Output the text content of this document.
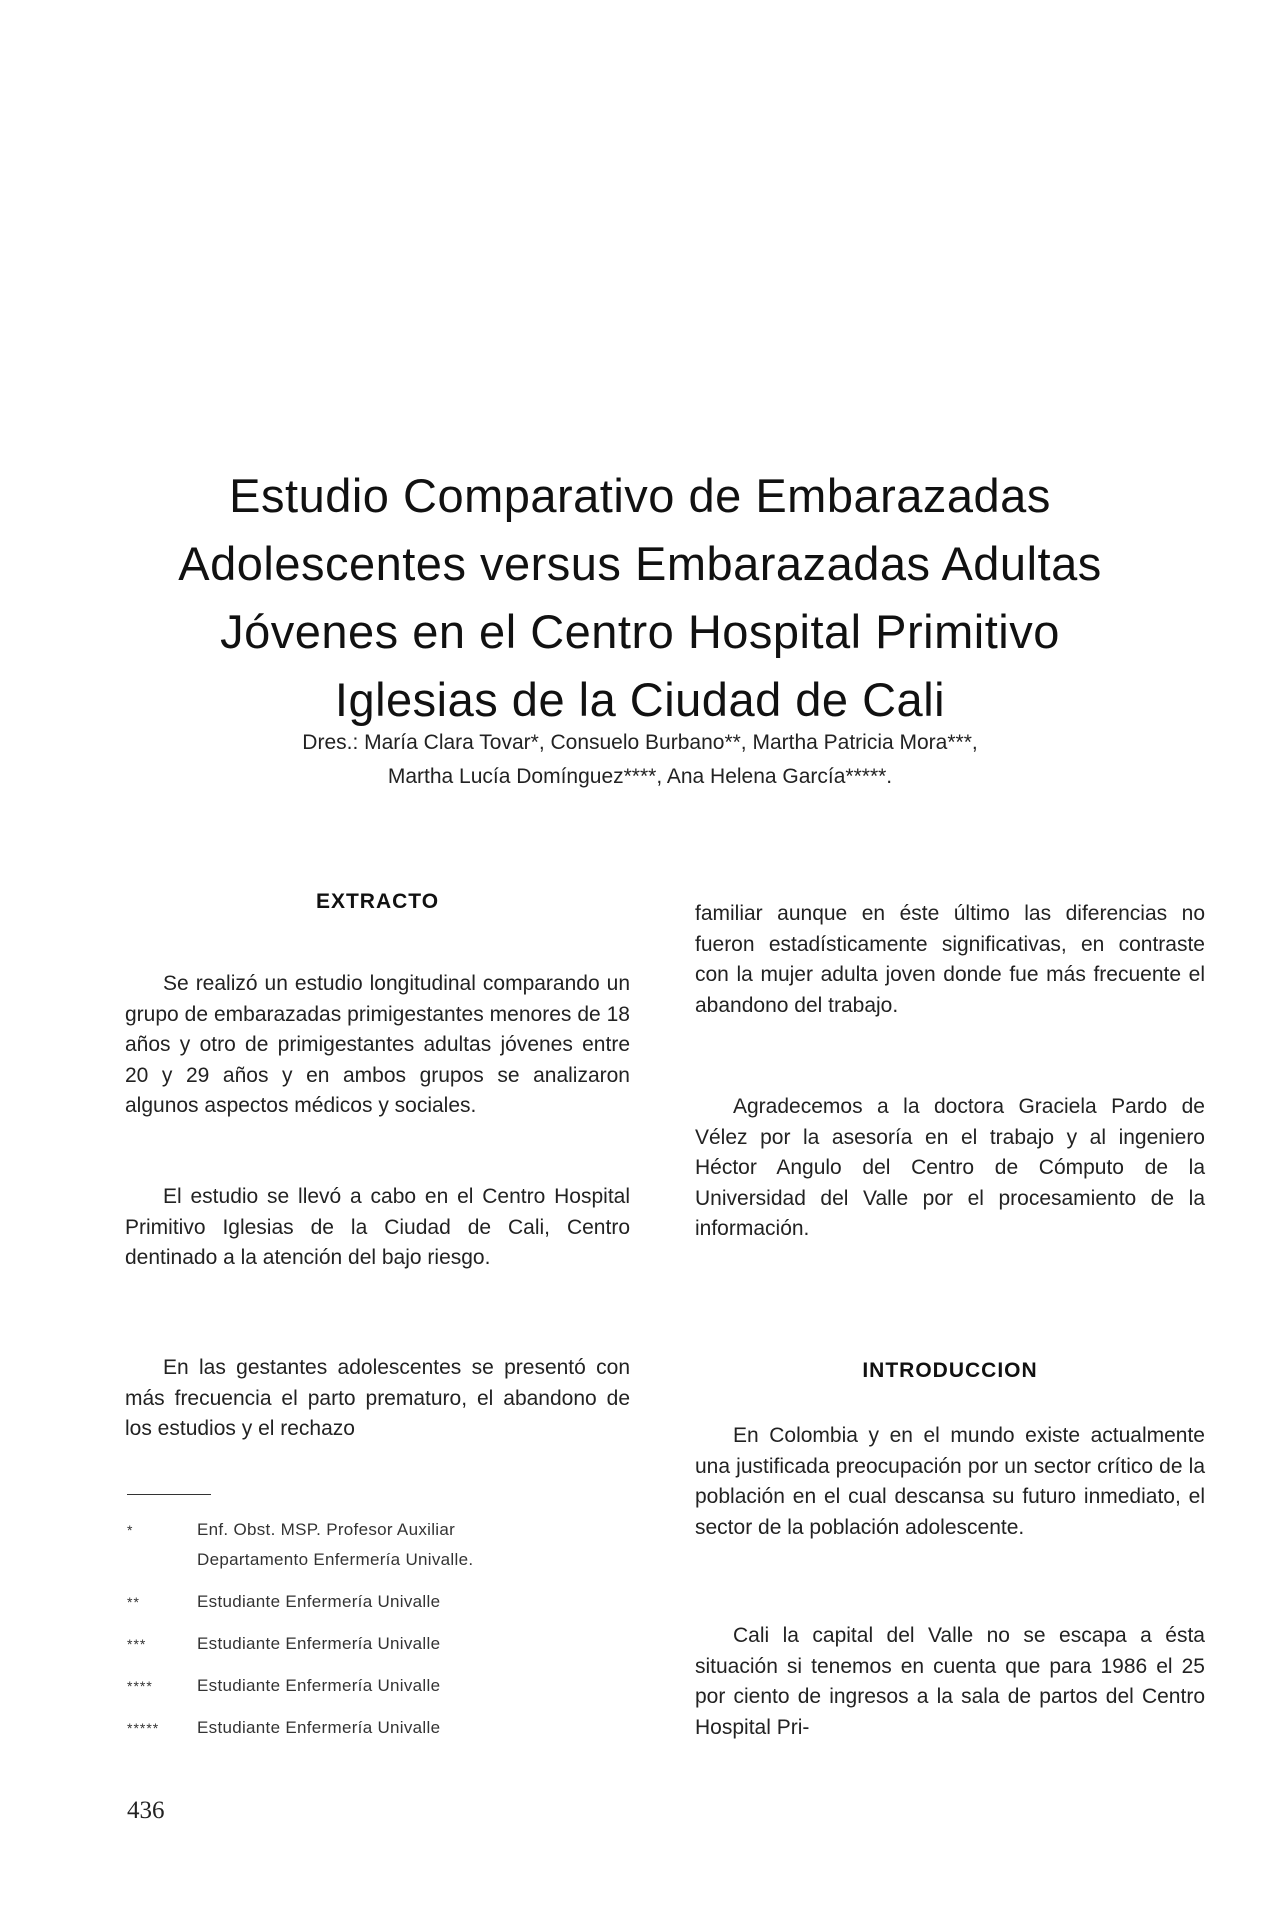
Estudio Comparativo de Embarazadas
Adolescentes versus Embarazadas Adultas
Jóvenes en el Centro Hospital Primitivo
Iglesias de la Ciudad de Cali
Dres.: María Clara Tovar*, Consuelo Burbano**, Martha Patricia Mora***,
Martha Lucía Domínguez****, Ana Helena García*****.
EXTRACTO

Se realizó un estudio longitudinal comparando un grupo de embarazadas primigestantes menores de 18 años y otro de primigestantes adultas jóvenes entre 20 y 29 años y en ambos grupos se analizaron algunos aspectos médicos y sociales.

El estudio se llevó a cabo en el Centro Hospital Primitivo Iglesias de la Ciudad de Cali, Centro dentinado a la atención del bajo riesgo.

En las gestantes adolescentes se presentó con más frecuencia el parto prematuro, el abandono de los estudios y el rechazo

*	Enf. Obst. MSP. Profesor Auxiliar
Departamento Enfermería Univalle.
**	Estudiante Enfermería Univalle
***	Estudiante Enfermería Univalle
****	Estudiante Enfermería Univalle
*****	Estudiante Enfermería Univalle

familiar aunque en éste último las diferencias no fueron estadísticamente significativas, en contraste con la mujer adulta joven donde fue más frecuente el abandono del trabajo.

Agradecemos a la doctora Graciela Pardo de Vélez por la asesoría en el trabajo y al ingeniero Héctor Angulo del Centro de Cómputo de la Universidad del Valle por el procesamiento de la información.

INTRODUCCION

En Colombia y en el mundo existe actualmente una justificada preocupación por un sector crítico de la población en el cual descansa su futuro inmediato, el sector de la población adolescente.

Cali la capital del Valle no se escapa a ésta situación si tenemos en cuenta que para 1986 el 25 por ciento de ingresos a la sala de partos del Centro Hospital Pri-

436
